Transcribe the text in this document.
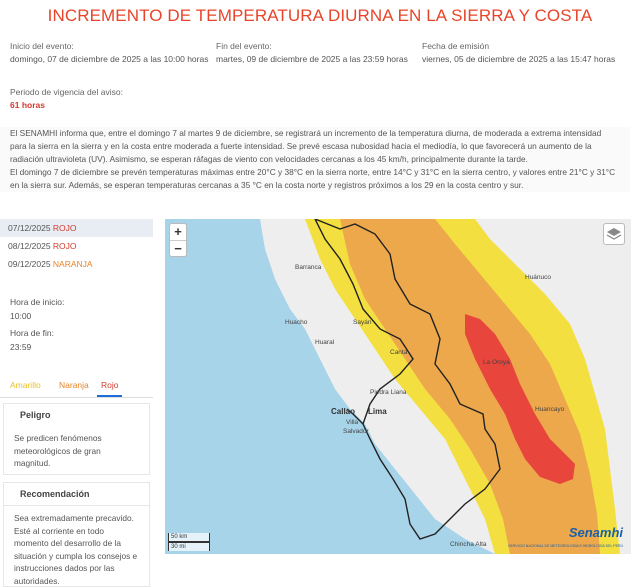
INCREMENTO DE TEMPERATURA DIURNA EN LA SIERRA Y COSTA
Inicio del evento:
domingo, 07 de diciembre de 2025 a las 10:00 horas
Fin del evento:
martes, 09 de diciembre de 2025 a las 23:59 horas
Fecha de emisión
viernes, 05 de diciembre de 2025 a las 15:47 horas
Periodo de vigencia del aviso:
61 horas

El SENAMHI informa que, entre el domingo 7 al martes 9 de diciembre, se registrará un incremento de la temperatura diurna, de moderada a extrema intensidad para la sierra en la sierra y en la costa entre moderada a fuerte intensidad. Se prevé escasa nubosidad hacia el mediodía, lo que favorecerá un aumento de la radiación ultravioleta (UV). Asimismo, se esperan ráfagas de viento con velocidades cercanas a los 45 km/h, principalmente durante la tarde.

El domingo 7 de diciembre se prevén temperaturas máximas entre 20°C y 38°C en la sierra norte, entre 14°C y 31°C en la sierra centro, y valores entre 21°C y 31°C en la sierra sur. Además, se esperan temperaturas cercanas a 35 °C en la costa norte y registros próximos a los 29 en la costa centro y sur.

07/12/2025 ROJO
08/12/2025 ROJO
09/12/2025 NARANJA
Hora de inicio:
10:00
Hora de fin:
23:59
Amarillo Naranja	Rojo
Peligro
Se predicen fenómenos meteorológicos de gran magnitud.
Recomendación
Sea extremadamente precavido. Esté al corriente en todo momento del desarrollo de la situación y cumpla los consejos e instrucciones dados por las autoridades.
Huacho
Barranca
Huaral
Sayán
Canta
Piedra Liana
Callao Lima
Villa
Salvador
La Oroya
Huancayo
Huánuco
Chincha Alta
+
−
50 km
30 mi
Senamhi
SERVICIO NACIONAL DE METEOROLOGÍA E HIDROLOGÍA DEL PERÚ
